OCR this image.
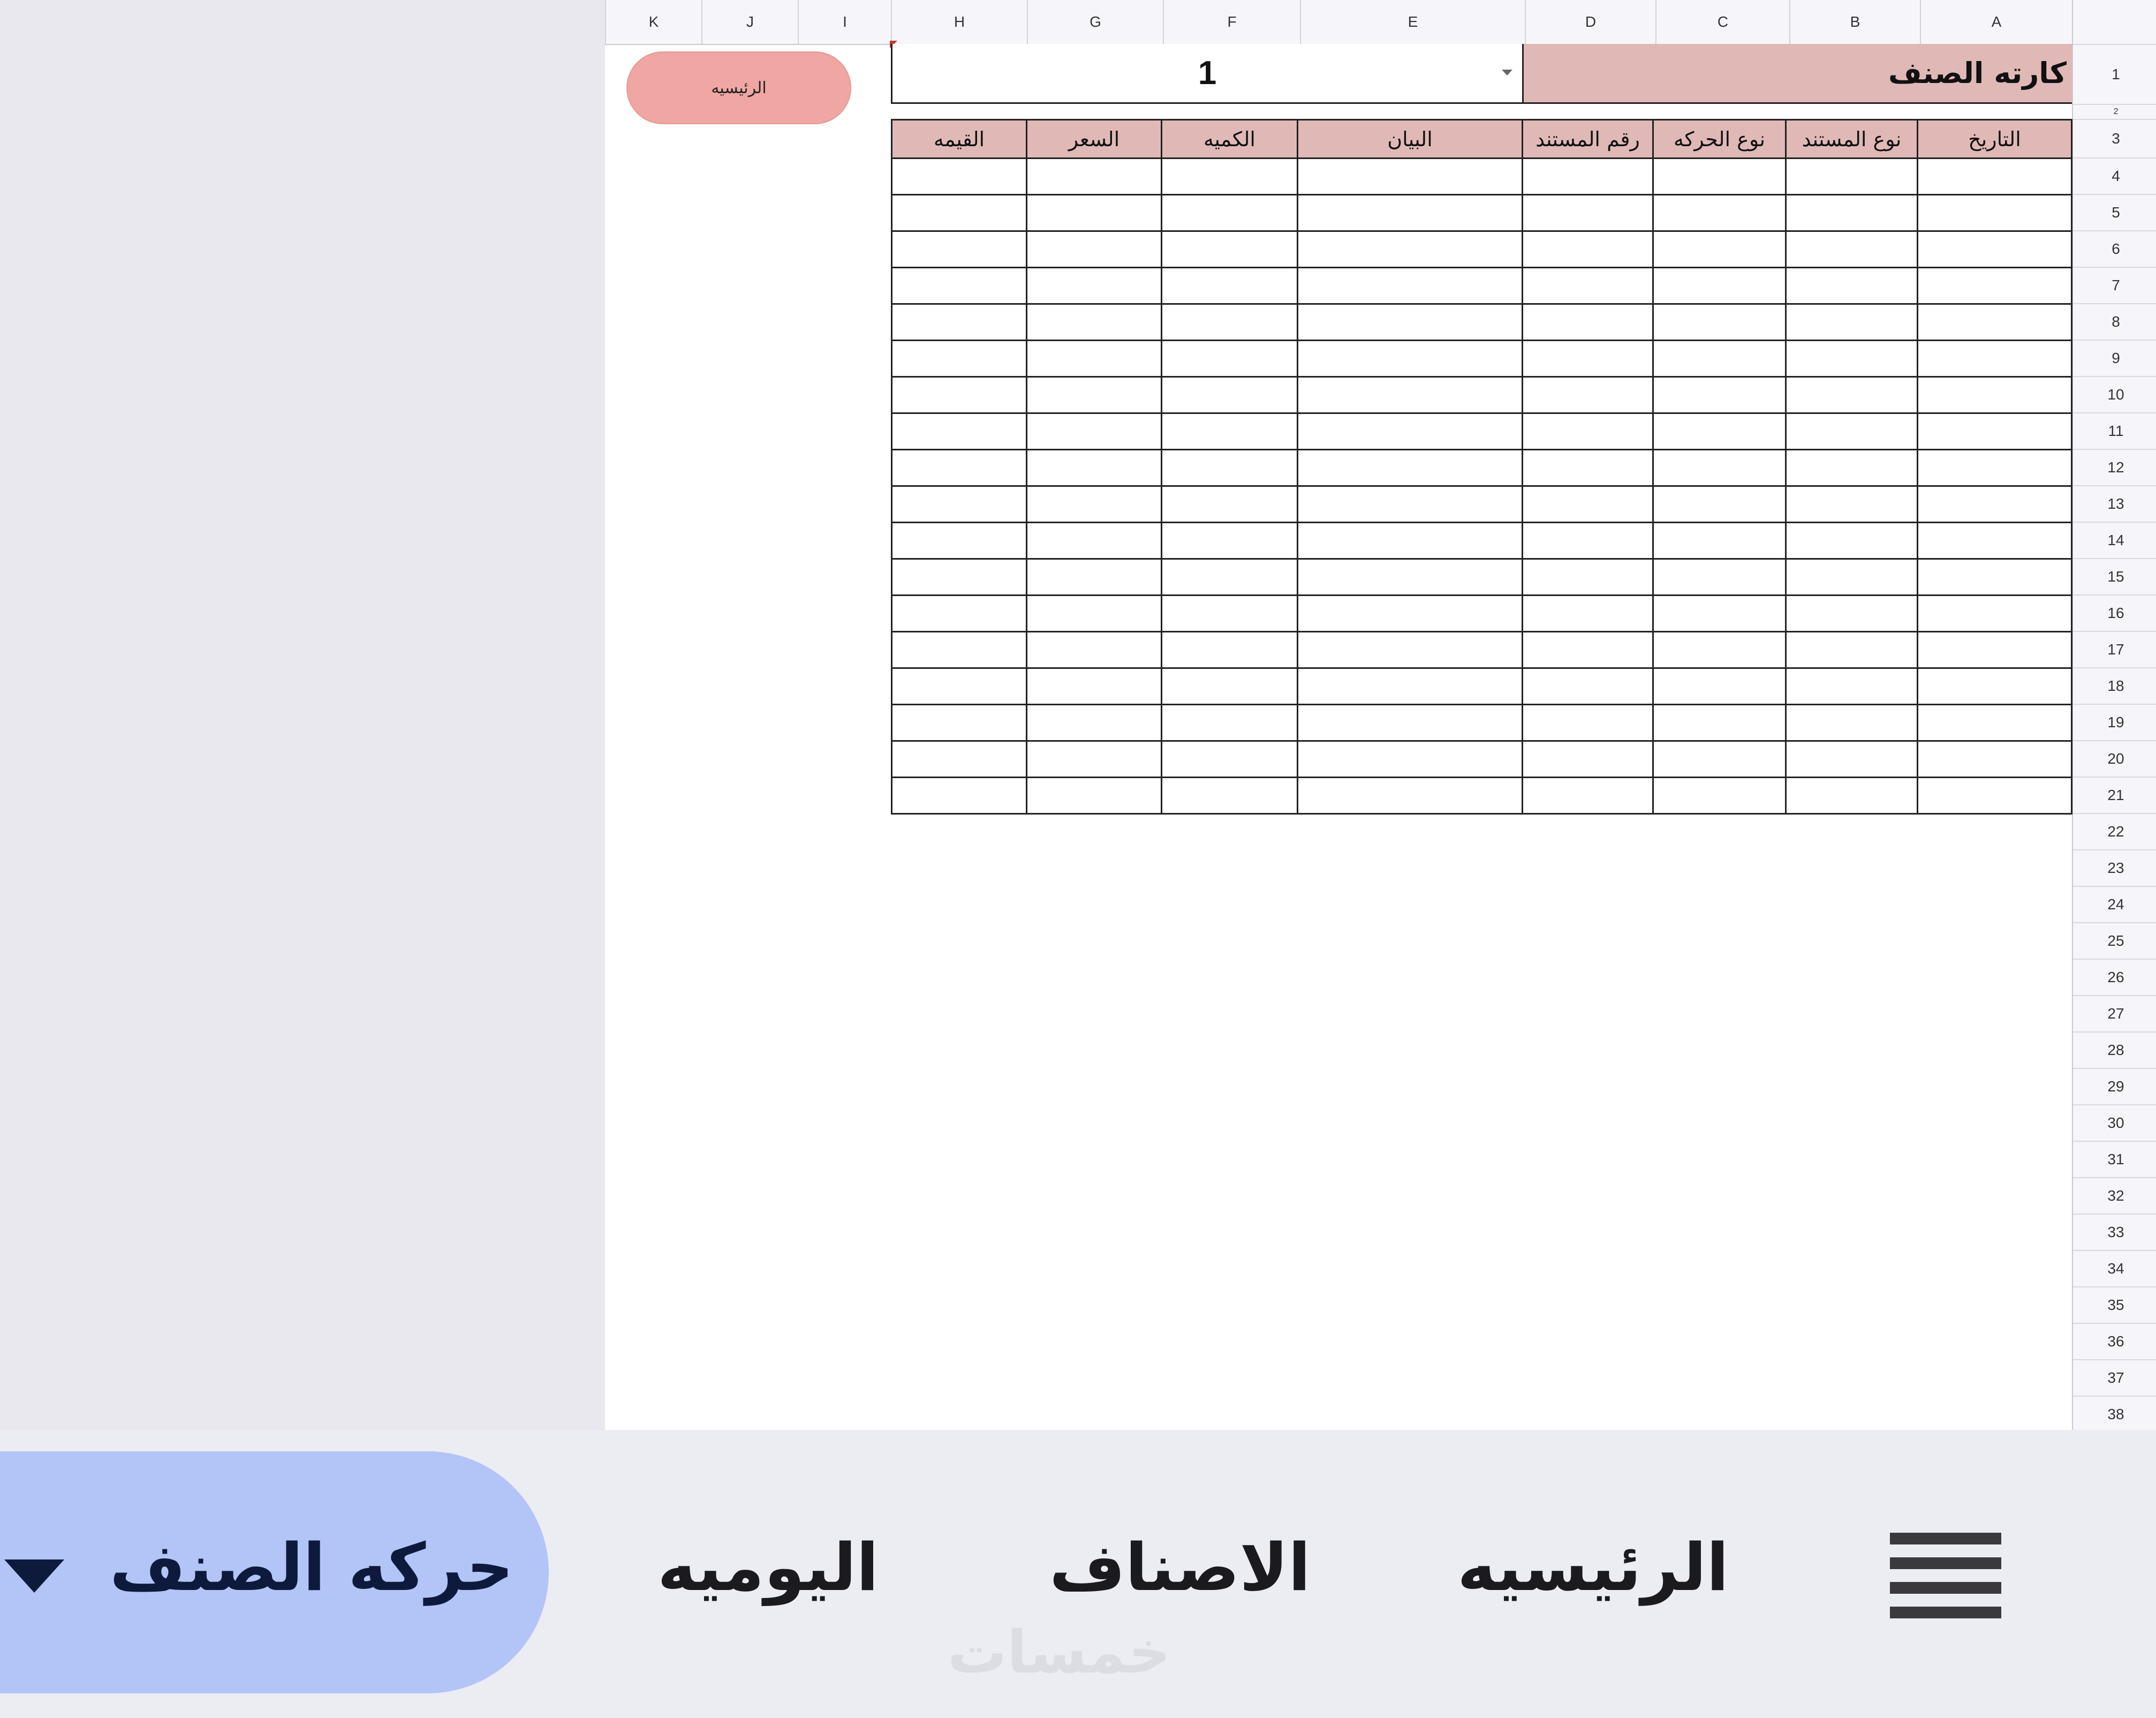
K	J	I	H	G	F	E	D	C	B	A
1
2
3
4
5
6
7
8
9
10
11
12
13
14
15
16
17
18
19
20
21
22
23
24
25
26
27
28
29
30
31
32
33
34
35
36
37
38
الرئيسيه	1	كارته الصنف
التاريخ	نوع المستند	نوع الحركه	رقم المستند	البيان	الكميه	السعر	القيمه

الرئيسيه
الاصناف
اليوميه
حركه الصنف
خمسات
